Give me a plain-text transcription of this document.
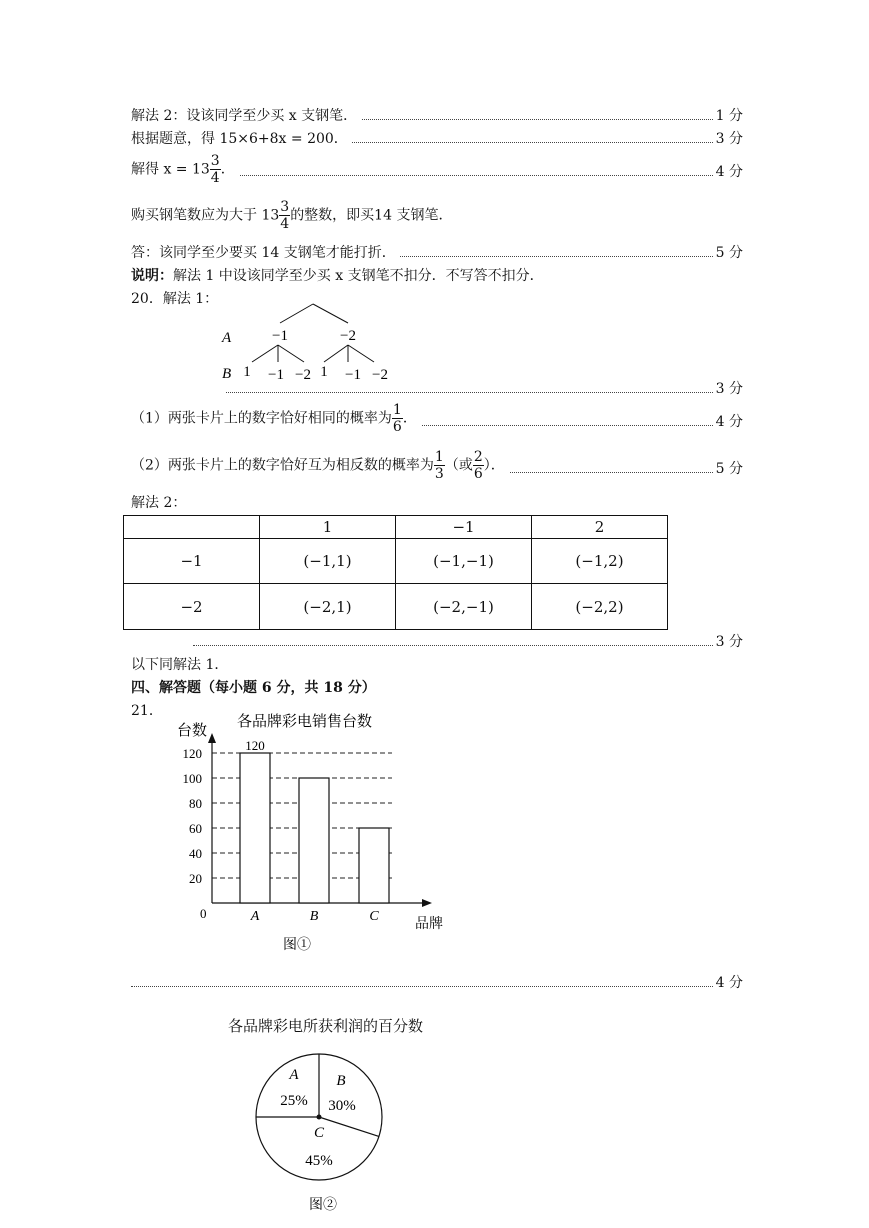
解法 2：设该同学至少买 x 支钢笔．	1 分
根据题意，得 15×6+8x = 200．	3 分
解得 $x = 13 \frac{3}{4}$ ．	4 分
购买钢笔数应为大于 $13 \frac{3}{4}$ 的整数，即买14 支钢笔．
答：该同学至少要买 14 支钢笔才能打折．	5 分
说明：解法 1 中设该同学至少买 x 支钢笔不扣分．不写答不扣分．
20．解法 1：
A	−1	−2
B 1 −1 −2 1 −1 −2
3 分
（1）两张卡片上的数字恰好相同的概率为 $\frac{1}{6}$ ．	4 分
（2）两张卡片上的数字恰好互为相反数的概率为 $\frac{1}{3}$ （或 $\frac{2}{6}$ ）．	5 分
解法 2：
	1	−1	2
−1	(−1,1)	(−1,−1)	(−1,2)
−2	(−2,1)	(−2,−1)	(−2,2)
3 分
以下同解法 1．
四、解答题（每小题 6 分，共 18 分）
21．
各品牌彩电销售台数
台数
0
品牌
20
40
60
80
100
120
A
120
B	C
图①
4 分
各品牌彩电所获利润的百分数
A
25%
B
30%
C
45%
图②
